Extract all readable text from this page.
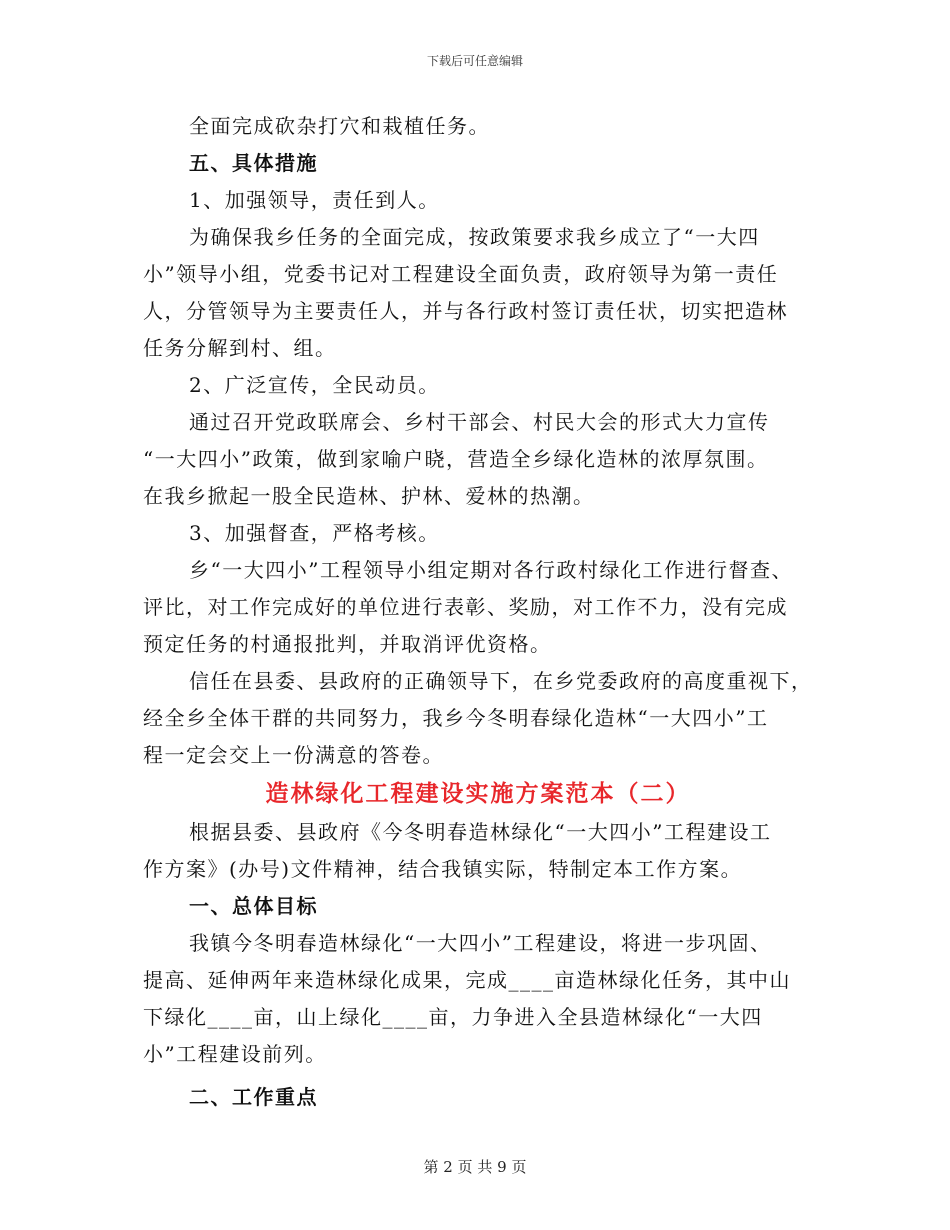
下载后可任意编辑

全面完成砍杂打穴和栽植任务。

五、具体措施

1、加强领导，责任到人。

为确保我乡任务的全面完成，按政策要求我乡成立了“一大四

小”领导小组，党委书记对工程建设全面负责，政府领导为第一责任

人，分管领导为主要责任人，并与各行政村签订责任状，切实把造林

任务分解到村、组。

2、广泛宣传，全民动员。

通过召开党政联席会、乡村干部会、村民大会的形式大力宣传

“一大四小”政策，做到家喻户晓，营造全乡绿化造林的浓厚氛围。

在我乡掀起一股全民造林、护林、爱林的热潮。

3、加强督查，严格考核。

乡“一大四小”工程领导小组定期对各行政村绿化工作进行督查、

评比，对工作完成好的单位进行表彰、奖励，对工作不力，没有完成

预定任务的村通报批判，并取消评优资格。

信任在县委、县政府的正确领导下，在乡党委政府的高度重视下，

经全乡全体干群的共同努力，我乡今冬明春绿化造林“一大四小”工

程一定会交上一份满意的答卷。

造林绿化工程建设实施方案范本（二）

根据县委、县政府《今冬明春造林绿化“一大四小”工程建设工

作方案》(办号)文件精神，结合我镇实际，特制定本工作方案。

一、总体目标

我镇今冬明春造林绿化“一大四小”工程建设，将进一步巩固、

提高、延伸两年来造林绿化成果，完成____亩造林绿化任务，其中山

下绿化____亩，山上绿化____亩，力争进入全县造林绿化“一大四

小”工程建设前列。

二、工作重点

第 2 页 共 9 页
